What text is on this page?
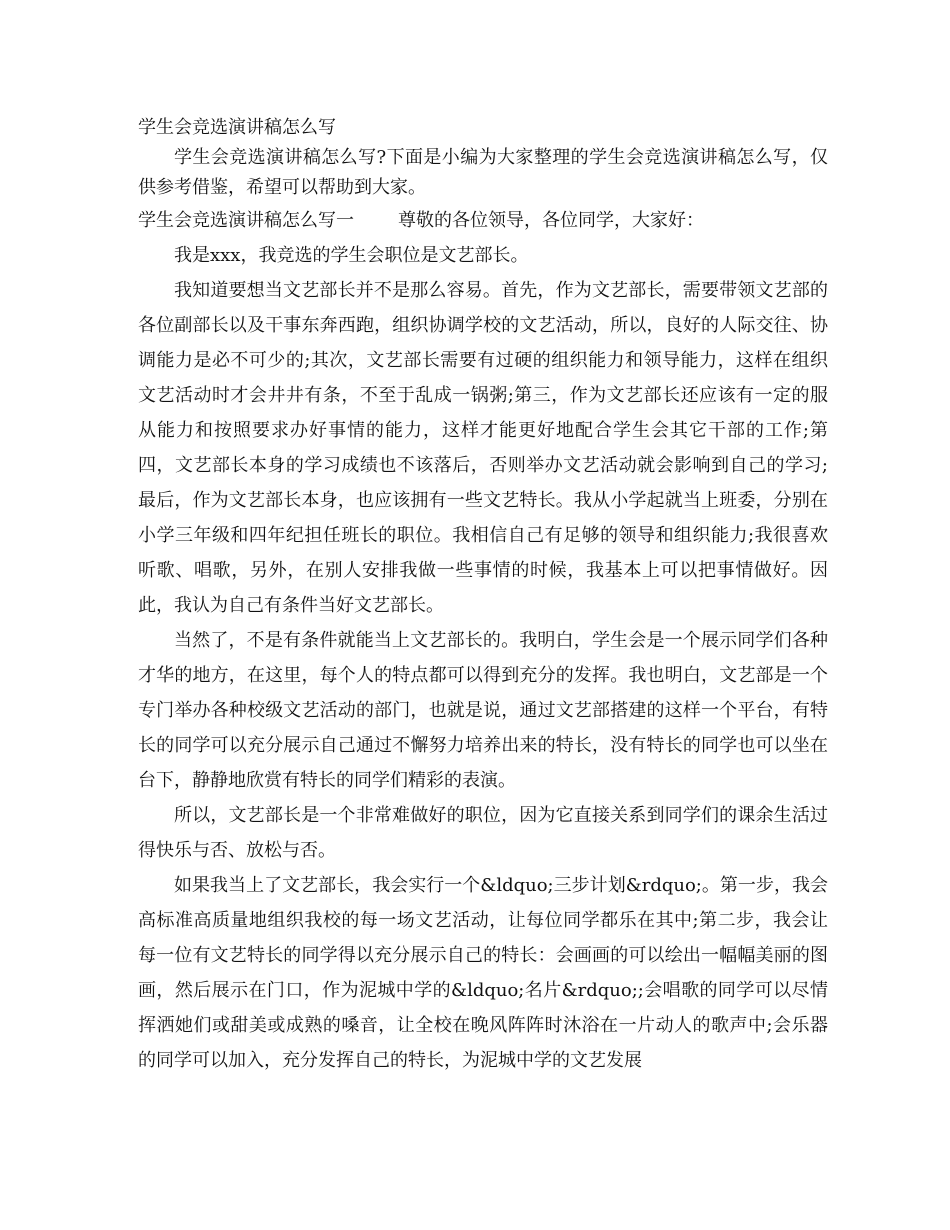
学生会竞选演讲稿怎么写

学生会竞选演讲稿怎么写?下面是小编为大家整理的学生会竞选演讲稿怎么写，仅供参考借鉴，希望可以帮助到大家。

学生会竞选演讲稿怎么写一 尊敬的各位领导，各位同学，大家好：

我是xxx，我竞选的学生会职位是文艺部长。

我知道要想当文艺部长并不是那么容易。首先，作为文艺部长，需要带领文艺部的各位副部长以及干事东奔西跑，组织协调学校的文艺活动，所以，良好的人际交往、协调能力是必不可少的;其次，文艺部长需要有过硬的组织能力和领导能力，这样在组织文艺活动时才会井井有条，不至于乱成一锅粥;第三，作为文艺部长还应该有一定的服从能力和按照要求办好事情的能力，这样才能更好地配合学生会其它干部的工作;第四，文艺部长本身的学习成绩也不该落后，否则举办文艺活动就会影响到自己的学习;最后，作为文艺部长本身，也应该拥有一些文艺特长。我从小学起就当上班委，分别在小学三年级和四年纪担任班长的职位。我相信自己有足够的领导和组织能力;我很喜欢听歌、唱歌，另外，在别人安排我做一些事情的时候，我基本上可以把事情做好。因此，我认为自己有条件当好文艺部长。

当然了，不是有条件就能当上文艺部长的。我明白，学生会是一个展示同学们各种才华的地方，在这里，每个人的特点都可以得到充分的发挥。我也明白，文艺部是一个专门举办各种校级文艺活动的部门，也就是说，通过文艺部搭建的这样一个平台，有特长的同学可以充分展示自己通过不懈努力培养出来的特长，没有特长的同学也可以坐在台下，静静地欣赏有特长的同学们精彩的表演。

所以，文艺部长是一个非常难做好的职位，因为它直接关系到同学们的课余生活过得快乐与否、放松与否。

如果我当上了文艺部长，我会实行一个&ldquo;三步计划&rdquo;。第一步，我会高标准高质量地组织我校的每一场文艺活动，让每位同学都乐在其中;第二步，我会让每一位有文艺特长的同学得以充分展示自己的特长：会画画的可以绘出一幅幅美丽的图画，然后展示在门口，作为泥城中学的&ldquo;名片&rdquo;;会唱歌的同学可以尽情挥洒她们或甜美或成熟的嗓音，让全校在晚风阵阵时沐浴在一片动人的歌声中;会乐器的同学可以加入，充分发挥自己的特长，为泥城中学的文艺发展
